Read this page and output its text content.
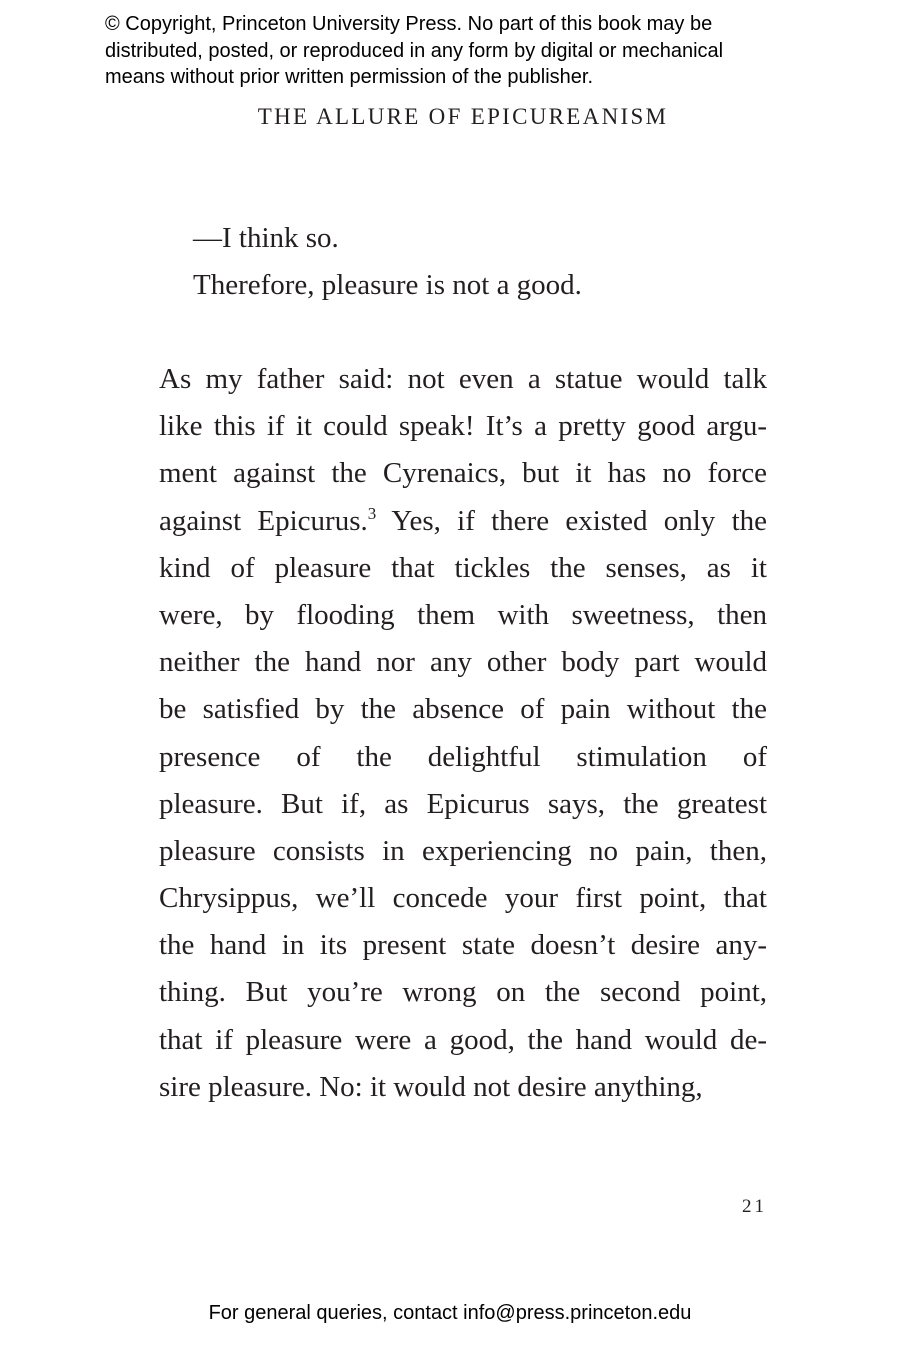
© Copyright, Princeton University Press. No part of this book may be
distributed, posted, or reproduced in any form by digital or mechanical
means without prior written permission of the publisher.
THE ALLURE OF EPICUREANISM
—I think so.
Therefore, pleasure is not a good.
As my father said: not even a statue would talk
like this if it could speak! It’s a pretty good argu-
ment against the Cyrenaics, but it has no force
against Epicurus.$^3$ Yes, if there existed only the
kind of pleasure that tickles the senses, as it
were, by flooding them with sweetness, then
neither the hand nor any other body part would
be satisfied by the absence of pain without the
presence of the delightful stimulation of
pleasure. But if, as Epicurus says, the greatest
pleasure consists in experiencing no pain, then,
Chrysippus, we’ll concede your first point, that
the hand in its present state doesn’t desire any-
thing. But you’re wrong on the second point,
that if pleasure were a good, the hand would de-
sire pleasure. No: it would not desire anything,
21
For general queries, contact info@press.princeton.edu
